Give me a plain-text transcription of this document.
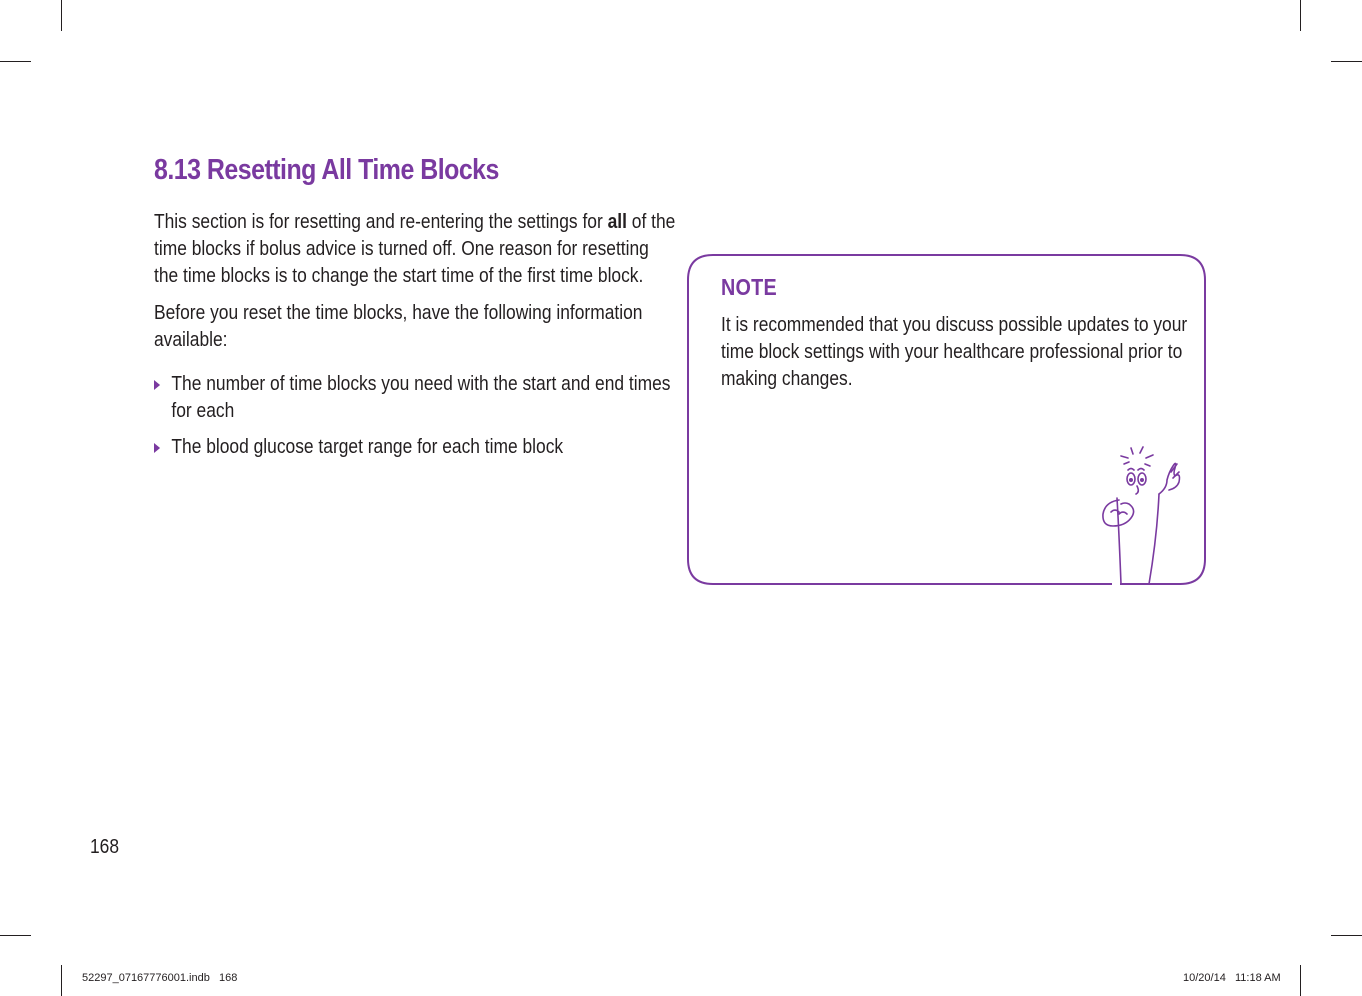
8.13 Resetting All Time Blocks

This section is for resetting and re-entering the settings for all of the time blocks if bolus advice is turned off. One reason for resetting the time blocks is to change the start time of the first time block.

Before you reset the time blocks, have the following information available:

The number of time blocks you need with the start and end times for each
The blood glucose target range for each time block
NOTE

It is recommended that you discuss possible updates to your time block settings with your healthcare professional prior to making changes.

168
52297_07167776001.indb   168	10/20/14   11:18 AM
